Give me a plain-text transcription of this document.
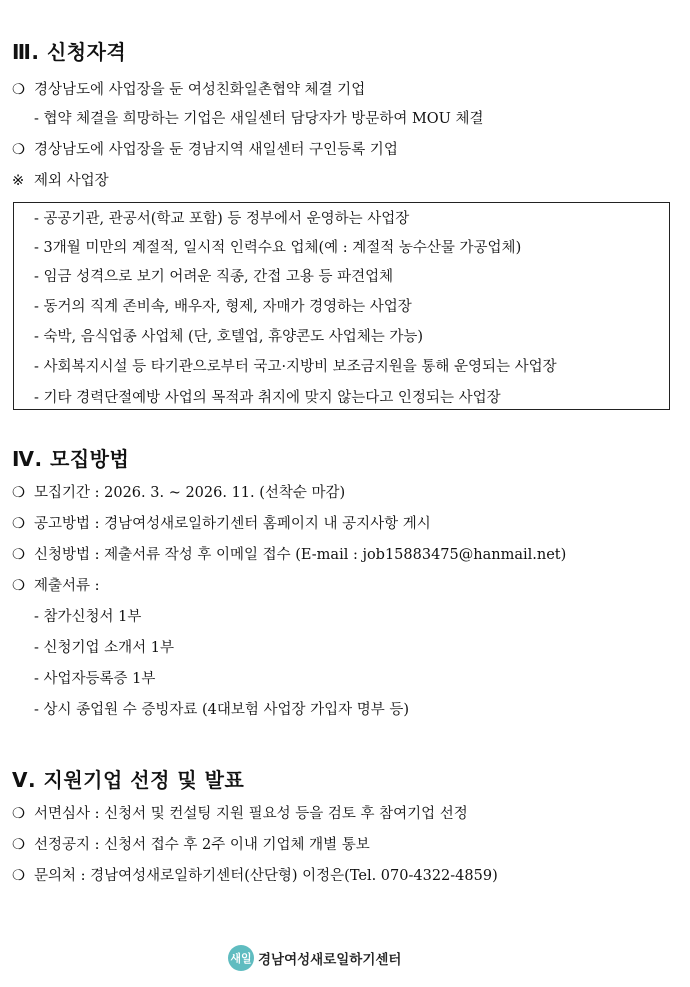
Ⅲ. 신청자격
❍ 경상남도에 사업장을 둔 여성친화일촌협약 체결 기업
- 협약 체결을 희망하는 기업은 새일센터 담당자가 방문하여 MOU 체결
❍ 경상남도에 사업장을 둔 경남지역 새일센터 구인등록 기업
※ 제외 사업장
- 공공기관, 관공서(학교 포함) 등 정부에서 운영하는 사업장
- 3개월 미만의 계절적, 일시적 인력수요 업체(예 : 계절적 농수산물 가공업체)
- 임금 성격으로 보기 어려운 직종, 간접 고용 등 파견업체
- 동거의 직계 존비속, 배우자, 형제, 자매가 경영하는 사업장
- 숙박, 음식업종 사업체 (단, 호텔업, 휴양콘도 사업체는 가능)
- 사회복지시설 등 타기관으로부터 국고·지방비 보조금지원을 통해 운영되는 사업장
- 기타 경력단절예방 사업의 목적과 취지에 맞지 않는다고 인정되는 사업장
Ⅳ. 모집방법
❍ 모집기간 : 2026. 3. ~ 2026. 11. (선착순 마감)
❍ 공고방법 : 경남여성새로일하기센터 홈페이지 내 공지사항 게시
❍ 신청방법 : 제출서류 작성 후 이메일 접수 (E-mail : job15883475@hanmail.net)
❍ 제출서류 :
- 참가신청서 1부
- 신청기업 소개서 1부
- 사업자등록증 1부
- 상시 종업원 수 증빙자료 (4대보험 사업장 가입자 명부 등)
Ⅴ. 지원기업 선정 및 발표
❍ 서면심사 : 신청서 및 컨설팅 지원 필요성 등을 검토 후 참여기업 선정
❍ 선정공지 : 신청서 접수 후 2주 이내 기업체 개별 통보
❍ 문의처 : 경남여성새로일하기센터(산단형) 이정은(Tel. 070-4322-4859)
새일 경남여성새로일하기센터
